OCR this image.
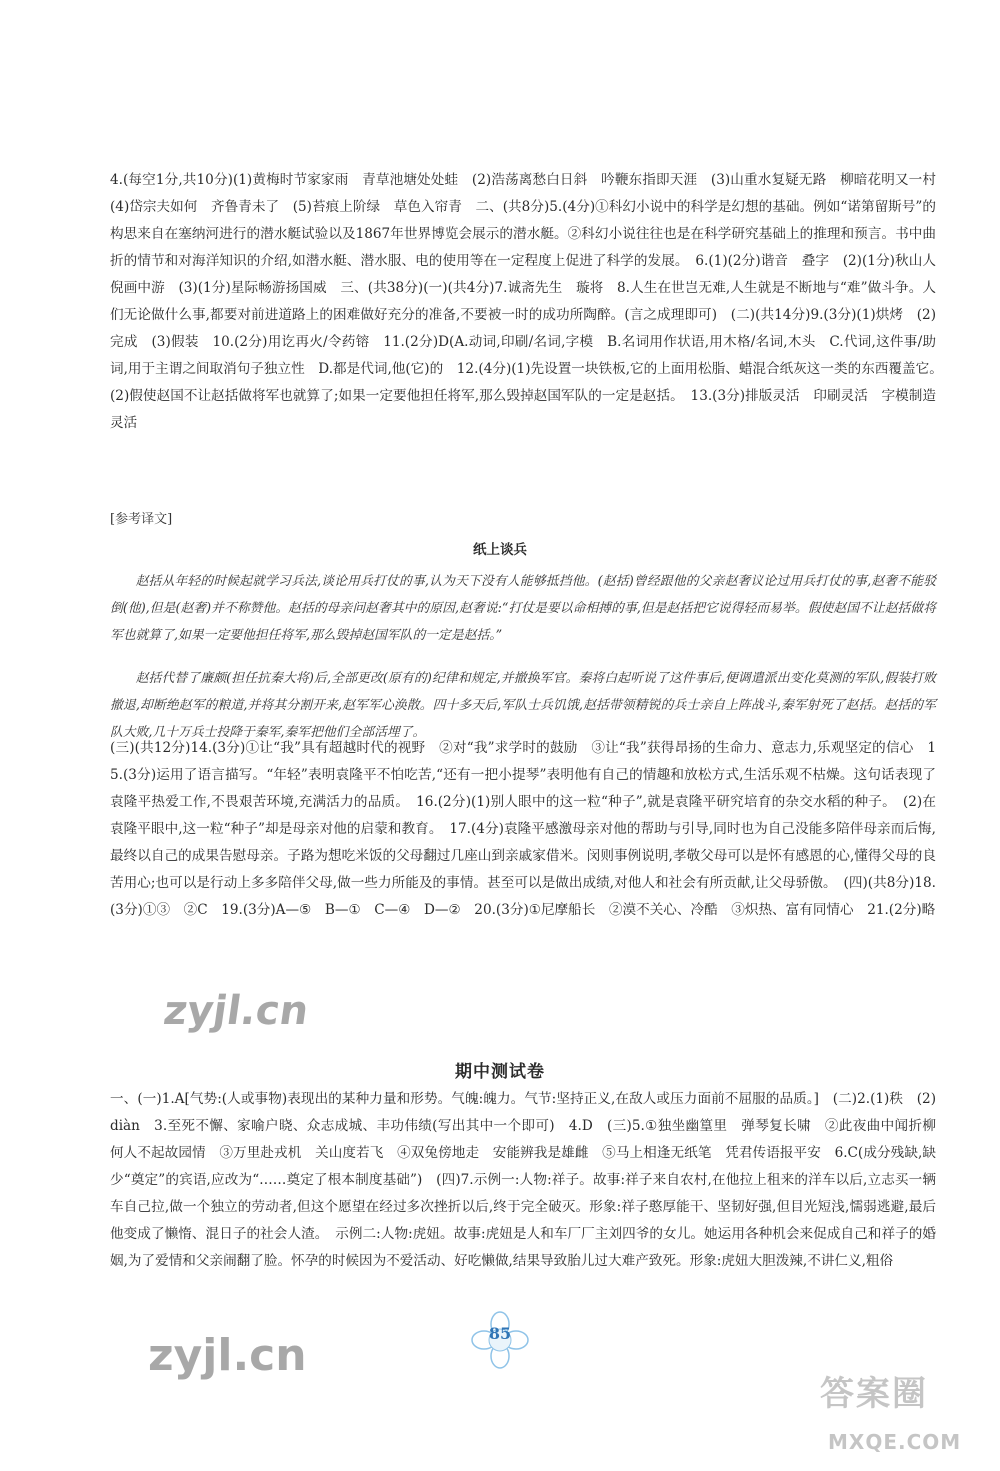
4.(每空1分,共10分)(1)黄梅时节家家雨　青草池塘处处蛙　(2)浩荡离愁白日斜　吟鞭东指即天涯　(3)山重水复疑无路　柳暗花明又一村　(4)岱宗夫如何　齐鲁青未了　(5)苔痕上阶绿　草色入帘青　二、(共8分)5.(4分)①科幻小说中的科学是幻想的基础。例如“诺第留斯号”的构思来自在塞纳河进行的潜水艇试验以及1867年世界博览会展示的潜水艇。②科幻小说往往也是在科学研究基础上的推理和预言。书中曲折的情节和对海洋知识的介绍,如潜水艇、潜水服、电的使用等在一定程度上促进了科学的发展。　6.(1)(2分)谐音　叠字　(2)(1分)秋山人倪画中游　(3)(1分)星际畅游扬国威　三、(共38分)(一)(共4分)7.诚斋先生　璇将　8.人生在世岂无难,人生就是不断地与“难”做斗争。人们无论做什么事,都要对前进道路上的困难做好充分的准备,不要被一时的成功所陶醉。(言之成理即可)　(二)(共14分)9.(3分)(1)烘烤　(2)完成　(3)假装　10.(2分)用讫再火/令药镕　11.(2分)D(A.动词,印刷/名词,字模　B.名词用作状语,用木格/名词,木头　C.代词,这件事/助词,用于主谓之间取消句子独立性　D.都是代词,他(它)的　12.(4分)(1)先设置一块铁板,它的上面用松脂、蜡混合纸灰这一类的东西覆盖它。　(2)假使赵国不让赵括做将军也就算了;如果一定要他担任将军,那么毁掉赵国军队的一定是赵括。　13.(3分)排版灵活　印刷灵活　字模制造灵活
[参考译文]
纸上谈兵

赵括从年轻的时候起就学习兵法,谈论用兵打仗的事,认为天下没有人能够抵挡他。(赵括)曾经跟他的父亲赵奢议论过用兵打仗的事,赵奢不能驳倒(他),但是(赵奢)并不称赞他。赵括的母亲问赵奢其中的原因,赵奢说:“打仗是要以命相搏的事,但是赵括把它说得轻而易举。假使赵国不让赵括做将军也就算了,如果一定要他担任将军,那么毁掉赵国军队的一定是赵括。”

赵括代替了廉颇(担任抗秦大将)后,全部更改(原有的)纪律和规定,并撤换军官。秦将白起听说了这件事后,便调遣派出变化莫测的军队,假装打败撤退,却断绝赵军的粮道,并将其分割开来,赵军军心涣散。四十多天后,军队士兵饥饿,赵括带领精锐的兵士亲自上阵战斗,秦军射死了赵括。赵括的军队大败,几十万兵士投降于秦军,秦军把他们全部活埋了。

(三)(共12分)14.(3分)①让“我”具有超越时代的视野　②对“我”求学时的鼓励　③让“我”获得昂扬的生命力、意志力,乐观坚定的信心　15.(3分)运用了语言描写。“年轻”表明袁隆平不怕吃苦,“还有一把小提琴”表明他有自己的情趣和放松方式,生活乐观不枯燥。这句话表现了袁隆平热爱工作,不畏艰苦环境,充满活力的品质。　16.(2分)(1)别人眼中的这一粒“种子”,就是袁隆平研究培育的杂交水稻的种子。　(2)在袁隆平眼中,这一粒“种子”却是母亲对他的启蒙和教育。　17.(4分)袁隆平感激母亲对他的帮助与引导,同时也为自己没能多陪伴母亲而后悔,最终以自己的成果告慰母亲。子路为想吃米饭的父母翻过几座山到亲戚家借米。闵则事例说明,孝敬父母可以是怀有感恩的心,懂得父母的良苦用心;也可以是行动上多多陪伴父母,做一些力所能及的事情。甚至可以是做出成绩,对他人和社会有所贡献,让父母骄傲。　(四)(共8分)18.(3分)①③　②C　19.(3分)A—⑤　B—①　C—④　D—②　20.(3分)①尼摩船长　②漠不关心、冷酷　③炽热、富有同情心　21.(2分)略
期中测试卷
一、(一)1.A[气势:(人或事物)表现出的某种力量和形势。气魄:魄力。气节:坚持正义,在敌人或压力面前不屈服的品质。]　(二)2.(1)秩　(2)diàn　3.至死不懈、家喻户晓、众志成城、丰功伟绩(写出其中一个即可)　4.D　(三)5.①独坐幽篁里　弹琴复长啸　②此夜曲中闻折柳　何人不起故园情　③万里赴戎机　关山度若飞　④双兔傍地走　安能辨我是雄雌　⑤马上相逢无纸笔　凭君传语报平安　6.C(成分残缺,缺少“奠定”的宾语,应改为“……奠定了根本制度基础”)　(四)7.示例一:人物:祥子。故事:祥子来自农村,在他拉上租来的洋车以后,立志买一辆车自己拉,做一个独立的劳动者,但这个愿望在经过多次挫折以后,终于完全破灭。形象:祥子憨厚能干、坚韧好强,但目光短浅,懦弱逃避,最后他变成了懒惰、混日子的社会人渣。　示例二:人物:虎妞。故事:虎妞是人和车厂厂主刘四爷的女儿。她运用各种机会来促成自己和祥子的婚姻,为了爱情和父亲闹翻了脸。怀孕的时候因为不爱活动、好吃懒做,结果导致胎儿过大难产致死。形象:虎妞大胆泼辣,不讲仁义,粗俗
zyjl.cn
zyjl.cn	85
答案圈
MXQE.COM
